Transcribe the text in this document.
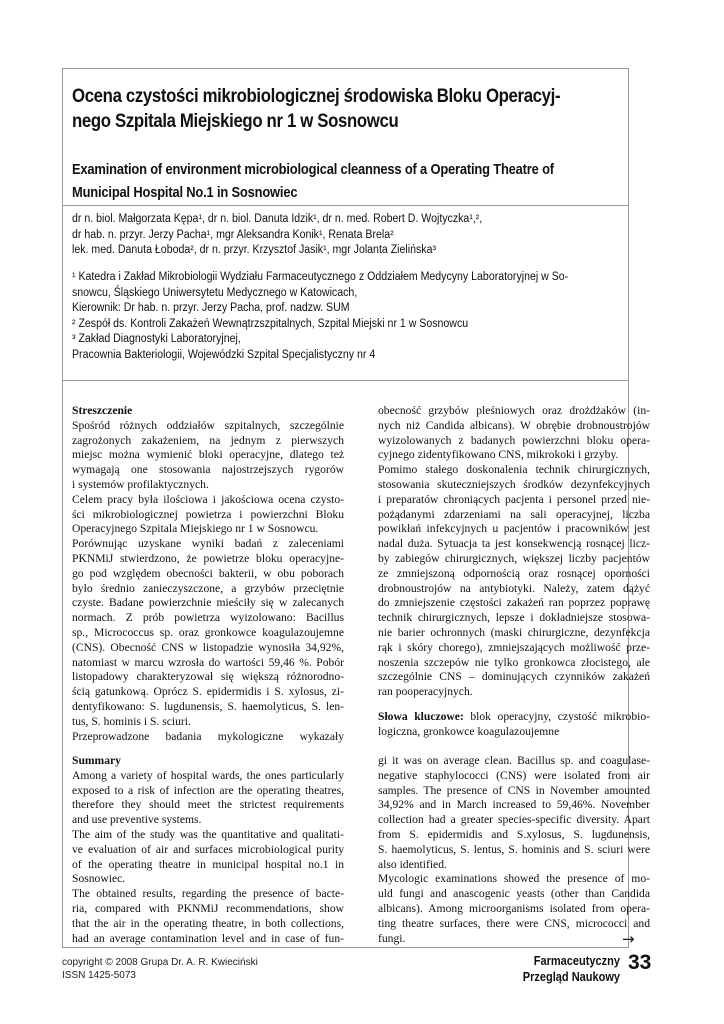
Ocena czystości mikrobiologicznej środowiska Bloku Operacyj-
nego Szpitala Miejskiego nr 1 w Sosnowcu
Examination of environment microbiological cleanness of a Operating Theatre of
Municipal Hospital No.1 in Sosnowiec

dr n. biol. Małgorzata Kępa¹, dr n. biol. Danuta Idzik¹, dr n. med. Robert D. Wojtyczka¹,²,

dr hab. n. przyr. Jerzy Pacha¹, mgr Aleksandra Konik¹, Renata Brela²

lek. med. Danuta Łoboda², dr n. przyr. Krzysztof Jasik¹, mgr Jolanta Zielińska³

¹ Katedra i Zakład Mikrobiologii Wydziału Farmaceutycznego z Oddziałem Medycyny Laboratoryjnej w So-

snowcu, Śląskiego Uniwersytetu Medycznego w Katowicach,

Kierownik: Dr hab. n. przyr. Jerzy Pacha, prof. nadzw. SUM

² Zespół ds. Kontroli Zakażeń Wewnątrzszpitalnych, Szpital Miejski nr 1 w Sosnowcu

³ Zakład Diagnostyki Laboratoryjnej,

Pracownia Bakteriologii, Wojewódzki Szpital Specjalistyczny nr 4

Streszczenie

Spośród różnych oddziałów szpitalnych, szczególnie

zagrożonych zakażeniem, na jednym z pierwszych

miejsc można wymienić bloki operacyjne, dlatego też

wymagają one stosowania najostrzejszych rygorów

i systemów profilaktycznych.

Celem pracy była ilościowa i jakościowa ocena czysto-

ści mikrobiologicznej powietrza i powierzchni Bloku

Operacyjnego Szpitala Miejskiego nr 1 w Sosnowcu.

Porównując uzyskane wyniki badań z zaleceniami

PKNMiJ stwierdzono, że powietrze bloku operacyjne-

go pod względem obecności bakterii, w obu poborach

było średnio zanieczyszczone, a grzybów przeciętnie

czyste. Badane powierzchnie mieściły się w zalecanych

normach. Z prób powietrza wyizolowano: Bacillus

sp., Micrococcus sp. oraz gronkowce koagulazoujemne

(CNS). Obecność CNS w listopadzie wynosiła 34,92%,

natomiast w marcu wzrosła do wartości 59,46 %. Pobór

listopadowy charakteryzował się większą różnorodno-

ścią gatunkową. Oprócz S. epidermidis i S. xylosus, zi-

dentyfikowano: S. lugdunensis, S. haemolyticus, S. len-

tus, S. hominis i S. sciuri.

Przeprowadzone badania mykologiczne wykazały

obecność grzybów pleśniowych oraz drożdżaków (in-

nych niż Candida albicans). W obrębie drobnoustrojów

wyizolowanych z badanych powierzchni bloku opera-

cyjnego zidentyfikowano CNS, mikrokoki i grzyby.

Pomimo stałego doskonalenia technik chirurgicznych,

stosowania skuteczniejszych środków dezynfekcyjnych

i preparatów chroniących pacjenta i personel przed nie-

pożądanymi zdarzeniami na sali operacyjnej, liczba

powikłań infekcyjnych u pacjentów i pracowników jest

nadal duża. Sytuacja ta jest konsekwencją rosnącej licz-

by zabiegów chirurgicznych, większej liczby pacjentów

ze zmniejszoną odpornością oraz rosnącej oporności

drobnoustrojów na antybiotyki. Należy, zatem dążyć

do zmniejszenie częstości zakażeń ran poprzez poprawę

technik chirurgicznych, lepsze i dokładniejsze stosowa-

nie barier ochronnych (maski chirurgiczne, dezynfekcja

rąk i skóry chorego), zmniejszających możliwość prze-

noszenia szczepów nie tylko gronkowca złocistego, ale

szczególnie CNS – dominujących czynników zakażeń

ran pooperacyjnych.

Słowa kluczowe: blok operacyjny, czystość mikrobio-

logiczna, gronkowce koagulazoujemne

Summary

Among a variety of hospital wards, the ones particularly

exposed to a risk of infection are the operating theatres,

therefore they should meet the strictest requirements

and use preventive systems.

The aim of the study was the quantitative and qualitati-

ve evaluation of air and surfaces microbiological purity

of the operating theatre in municipal hospital no.1 in

Sosnowiec.

The obtained results, regarding the presence of bacte-

ria, compared with PKNMiJ recommendations, show

that the air in the operating theatre, in both collections,

had an average contamination level and in case of fun-

gi it was on average clean. Bacillus sp. and coagulase-

negative staphylococci (CNS) were isolated from air

samples. The presence of CNS in November amounted

34,92% and in March increased to 59,46%. November

collection had a greater species-specific diversity. Apart

from S. epidermidis and S.xylosus, S. lugdunensis,

S. haemolyticus, S. lentus, S. hominis and S. sciuri were

also identified.

Mycologic examinations showed the presence of mo-

uld fungi and anascogenic yeasts (other than Candida

albicans). Among microorganisms isolated from opera-

ting theatre surfaces, there were CNS, micrococci and

fungi.	→

copyright © 2008 Grupa Dr. A. R. Kwieciński

ISSN 1425-5073

Farmaceutyczny

Przegląd Naukowy

33
